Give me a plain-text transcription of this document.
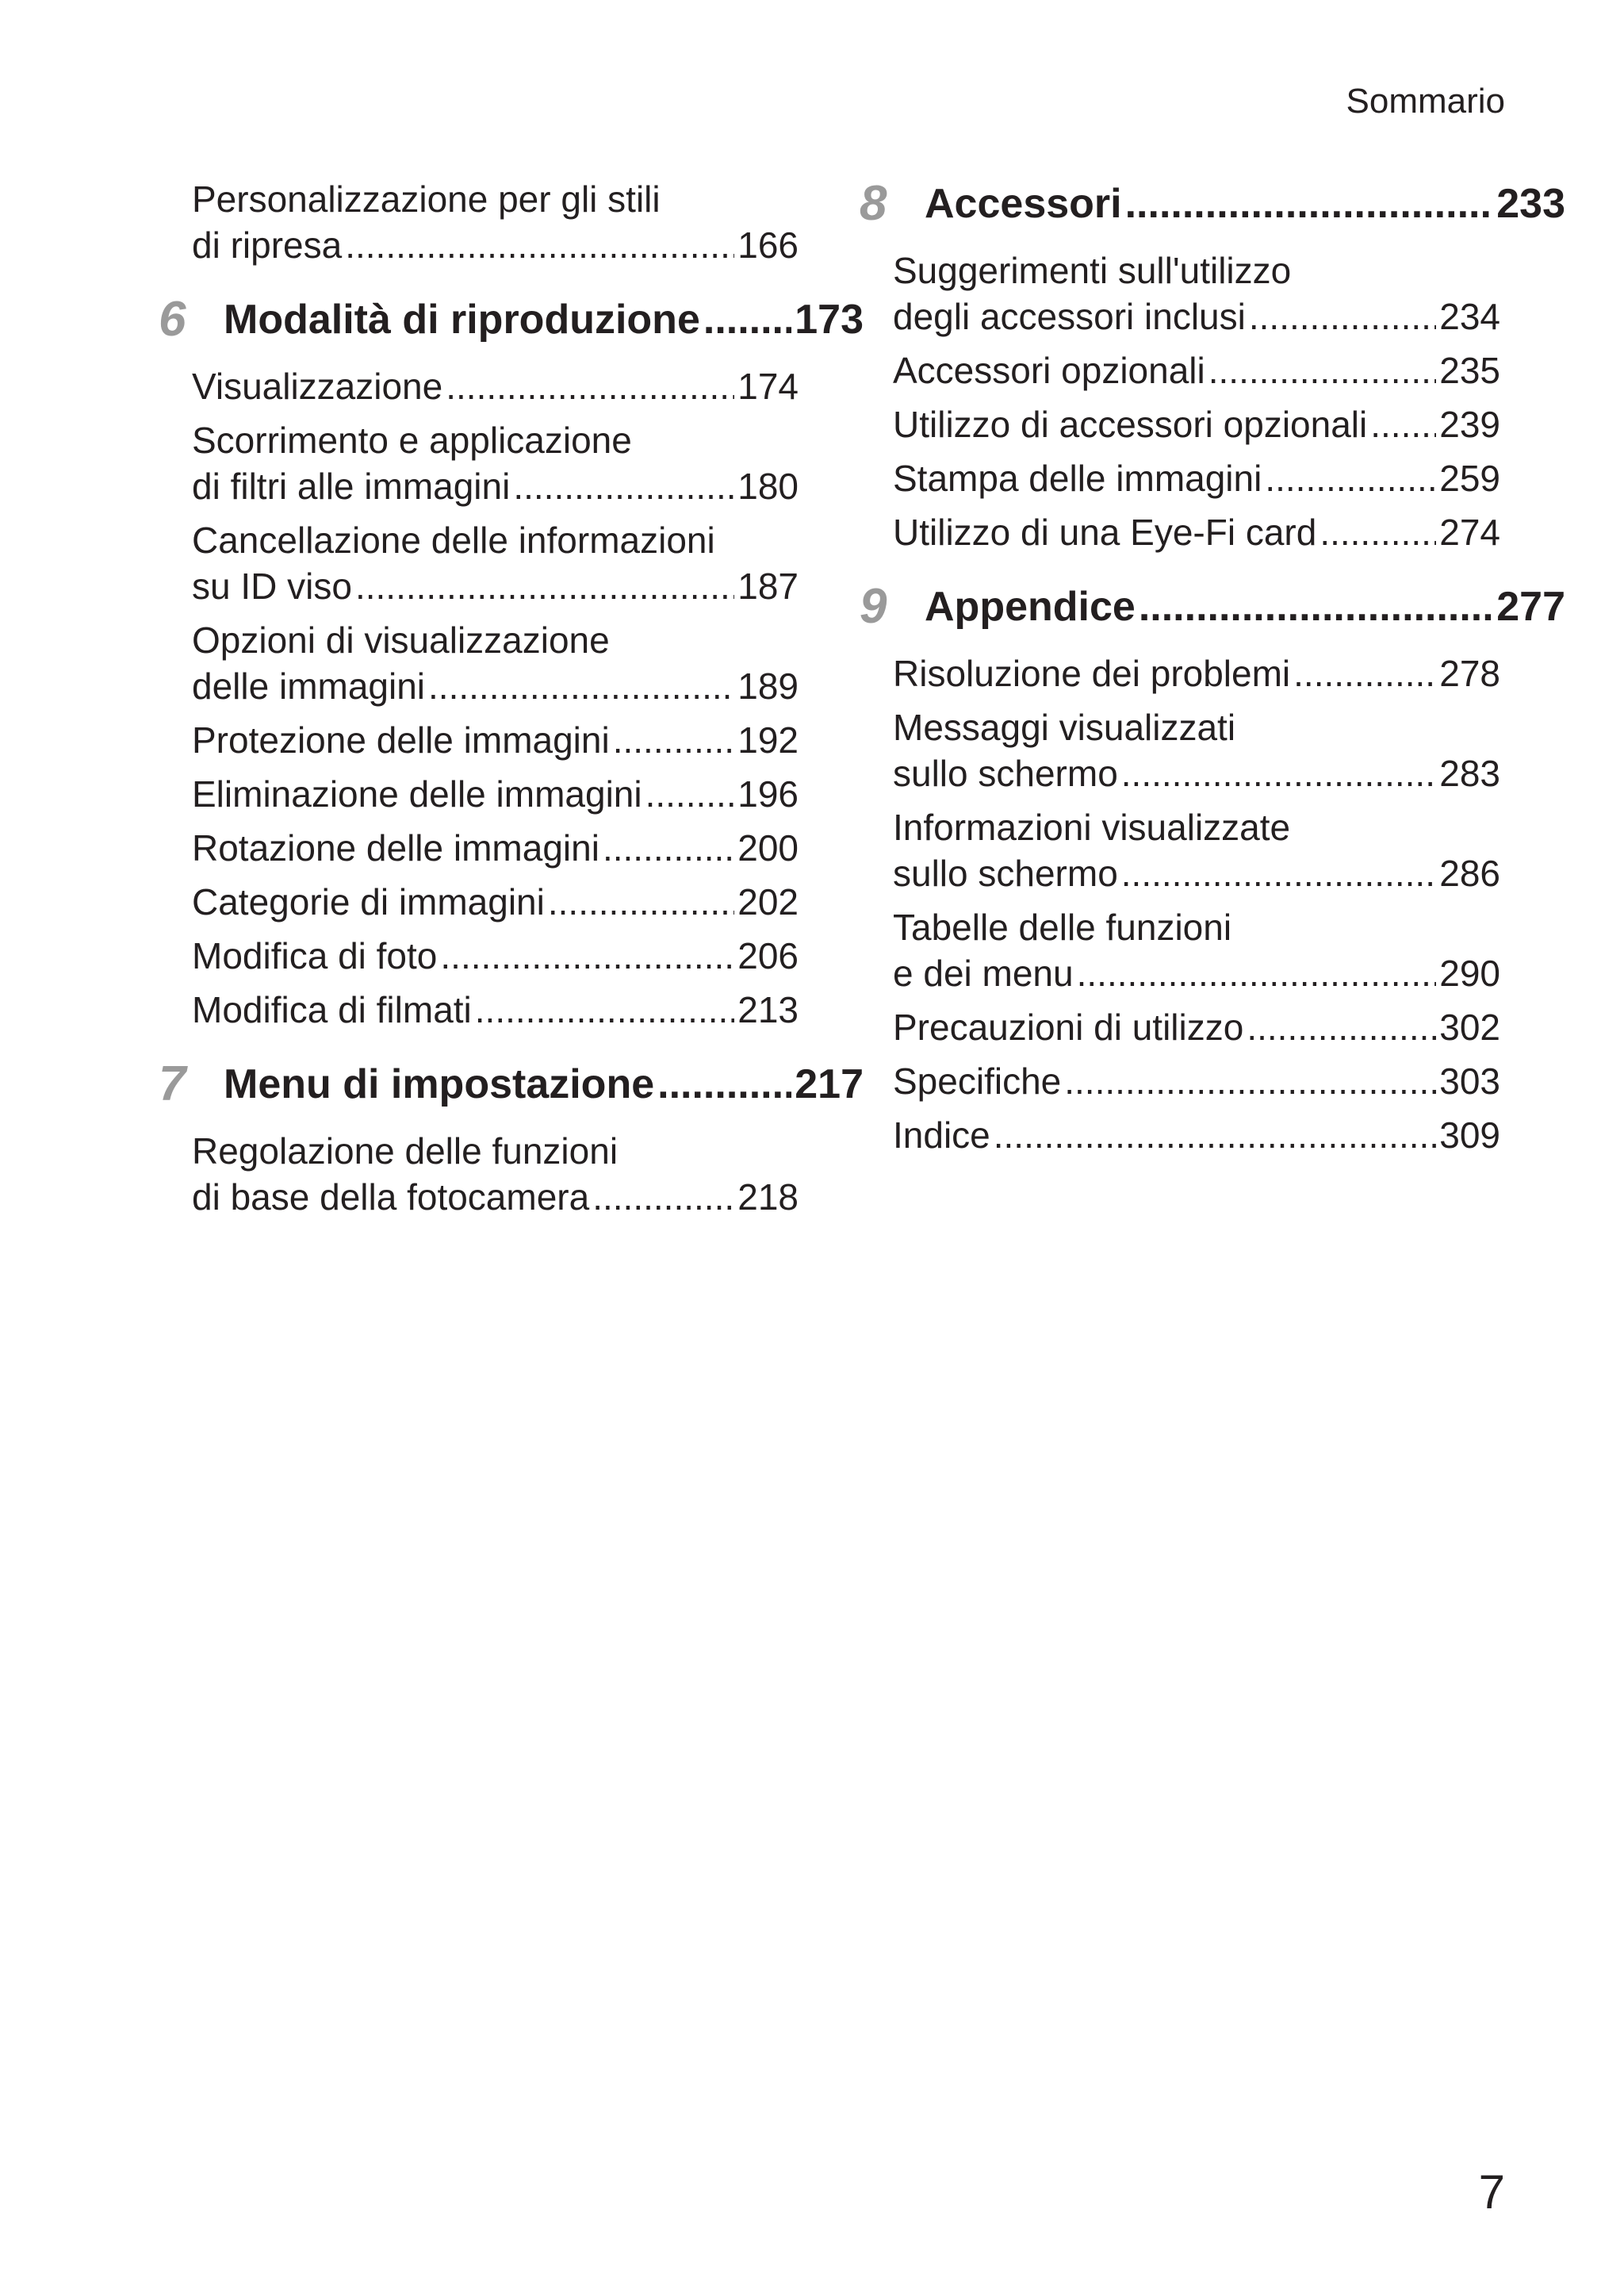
Sommario
Personalizzazione per gli stili
di ripresa .....	166
6 Modalità di riproduzione ..... 173
Visualizzazione .....	174
Scorrimento e applicazione
di filtri alle immagini .....	180
Cancellazione delle informazioni
su ID viso .....	187
Opzioni di visualizzazione
delle immagini .....	189
Protezione delle immagini .....	192
Eliminazione delle immagini .....	196
Rotazione delle immagini .....	200
Categorie di immagini .....	202
Modifica di foto .....	206
Modifica di filmati .....	213
7 Menu di impostazione .....	217
Regolazione delle funzioni
di base della fotocamera .....	218
8 Accessori .....	233
Suggerimenti sull'utilizzo
degli accessori inclusi .....	234
Accessori opzionali .....	235
Utilizzo di accessori opzionali ..... 239
Stampa delle immagini .....	259
Utilizzo di una Eye-Fi card .....	274
9 Appendice .....	277
Risoluzione dei problemi .....	278
Messaggi visualizzati
sullo schermo .....	283
Informazioni visualizzate
sullo schermo .....	286
Tabelle delle funzioni
e dei menu .....	290
Precauzioni di utilizzo .....	302
Specifiche .....	303
Indice .....	309
7
